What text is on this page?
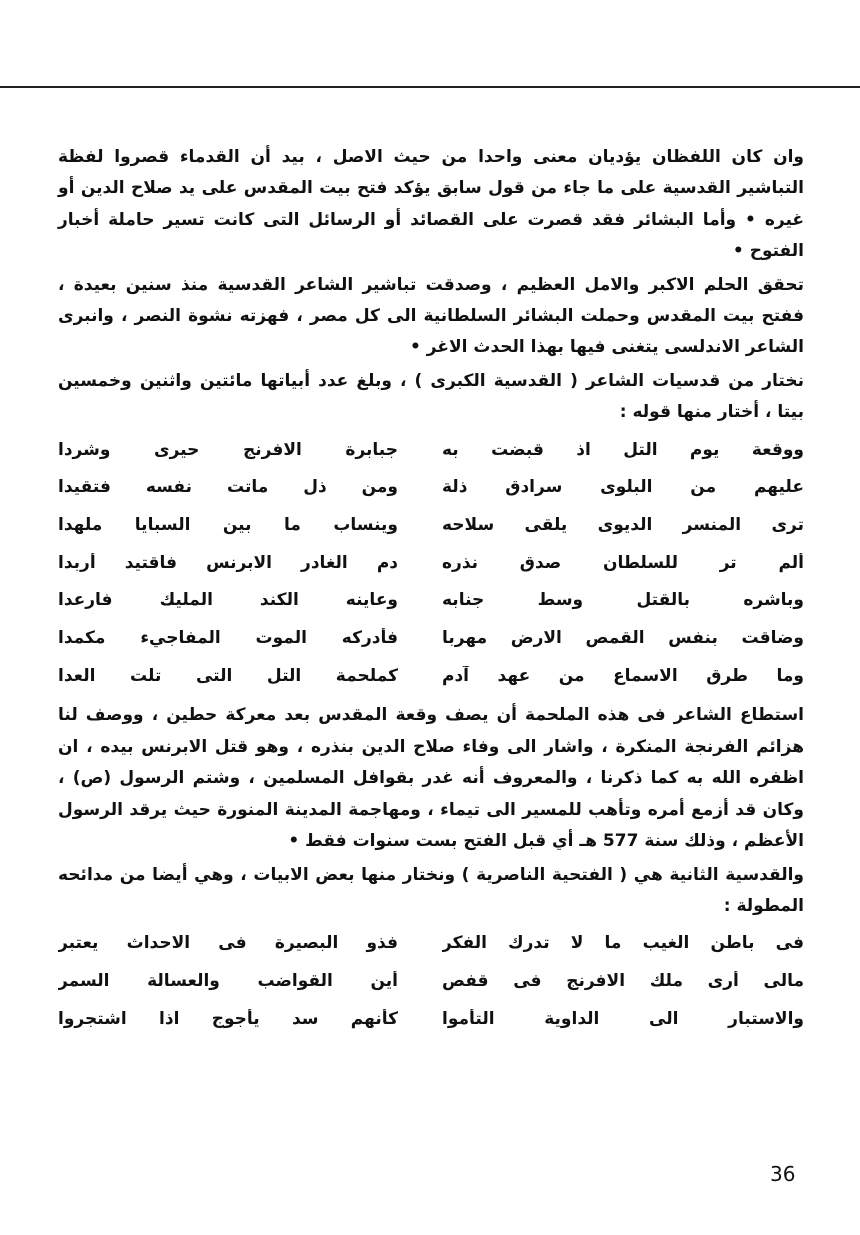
وان كان اللفظان يؤديان معنى واحدا من حيث الاصل ، بيد أن القدماء قصروا لفظة التباشير القدسية على ما جاء من قول سابق يؤكد فتح بيت المقدس على يد صلاح الدين أو غيره • وأما البشائر فقد قصرت على القصائد أو الرسائل التى كانت تسير حاملة أخبار الفتوح •

تحقق الحلم الاكبر والامل العظيم ، وصدقت تباشير الشاعر القدسية منذ سنين بعيدة ، ففتح بيت المقدس وحملت البشائر السلطانية الى كل مصر ، فهزته نشوة النصر ، وانبرى الشاعر الاندلسى يتغنى فيها بهذا الحدث الاغر •

نختار من قدسيات الشاعر ( القدسية الكبرى ) ، وبلغ عدد أبياتها مائتين واثنين وخمسين بيتا ، أختار منها قوله :

ووقعة يوم التل اذ قبضت به
جبابرة الافرنج حيرى وشردا
عليهم من البلوى سرادق ذلة
ومن ذل ماتت نفسه فتقيدا
ترى المنسر الديوى يلقى سلاحه
وينساب ما بين السبايا ملهدا
ألم تر للسلطان صدق نذره
دم الغادر الابرنس فاقتيد أربدا
وباشره بالقتل وسط جنابه
وعاينه الكند المليك فارعدا
وضاقت بنفس القمص الارض مهربا
فأدركه الموت المفاجيء مكمدا
وما طرق الاسماع من عهد آدم
كملحمة التل التى تلت العدا

استطاع الشاعر فى هذه الملحمة أن يصف وقعة المقدس بعد معركة حطين ، ووصف لنا هزائم الفرنجة المنكرة ، واشار الى وفاء صلاح الدين بنذره ، وهو قتل الابرنس بيده ، ان اظفره الله به كما ذكرنا ، والمعروف أنه غدر بقوافل المسلمين ، وشتم الرسول (ص) ، وكان قد أزمع أمره وتأهب للمسير الى تيماء ، ومهاجمة المدينة المنورة حيث يرقد الرسول الأعظم ، وذلك سنة 577 هـ أي قبل الفتح بست سنوات فقط •

والقدسية الثانية هي ( الفتحية الناصرية ) ونختار منها بعض الابيات ، وهي أيضا من مدائحه المطولة :

فى باطن الغيب ما لا تدرك الفكر
فذو البصيرة فى الاحداث يعتبر
مالى أرى ملك الافرنج فى قفص
أين القواضب والعسالة السمر
والاستبار الى الداوية التأموا
كأنهم سد يأجوج اذا اشتجروا
36
